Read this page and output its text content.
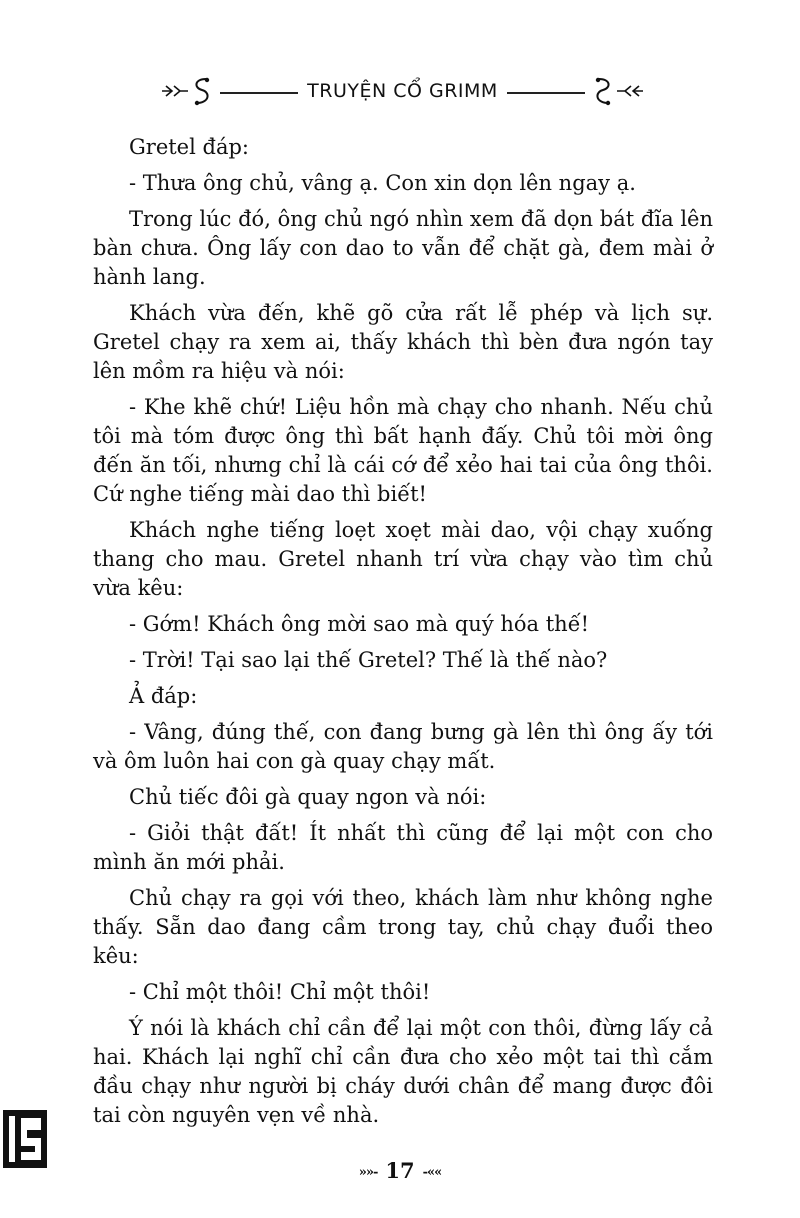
TRUYỆN CỔ GRIMM

Gretel đáp:

- Thưa ông chủ, vâng ạ. Con xin dọn lên ngay ạ.

Trong lúc đó, ông chủ ngó nhìn xem đã dọn bát đĩa lên bàn chưa. Ông lấy con dao to vẫn để chặt gà, đem mài ở hành lang.

Khách vừa đến, khẽ gõ cửa rất lễ phép và lịch sự. Gretel chạy ra xem ai, thấy khách thì bèn đưa ngón tay lên mồm ra hiệu và nói:

- Khe khẽ chứ! Liệu hồn mà chạy cho nhanh. Nếu chủ tôi mà tóm được ông thì bất hạnh đấy. Chủ tôi mời ông đến ăn tối, nhưng chỉ là cái cớ để xẻo hai tai của ông thôi. Cứ nghe tiếng mài dao thì biết!

Khách nghe tiếng loẹt xoẹt mài dao, vội chạy xuống thang cho mau. Gretel nhanh trí vừa chạy vào tìm chủ vừa kêu:

- Gớm! Khách ông mời sao mà quý hóa thế!

- Trời! Tại sao lại thế Gretel? Thế là thế nào?

Ả đáp:

- Vâng, đúng thế, con đang bưng gà lên thì ông ấy tới và ôm luôn hai con gà quay chạy mất.

Chủ tiếc đôi gà quay ngon và nói:

- Giỏi thật đất! Ít nhất thì cũng để lại một con cho mình ăn mới phải.

Chủ chạy ra gọi với theo, khách làm như không nghe thấy. Sẵn dao đang cầm trong tay, chủ chạy đuổi theo kêu:

- Chỉ một thôi! Chỉ một thôi!

Ý nói là khách chỉ cần để lại một con thôi, đừng lấy cả hai. Khách lại nghĩ chỉ cần đưa cho xẻo một tai thì cắm đầu chạy như người bị cháy dưới chân để mang được đôi tai còn nguyên vẹn về nhà.

»»- 17 -««
